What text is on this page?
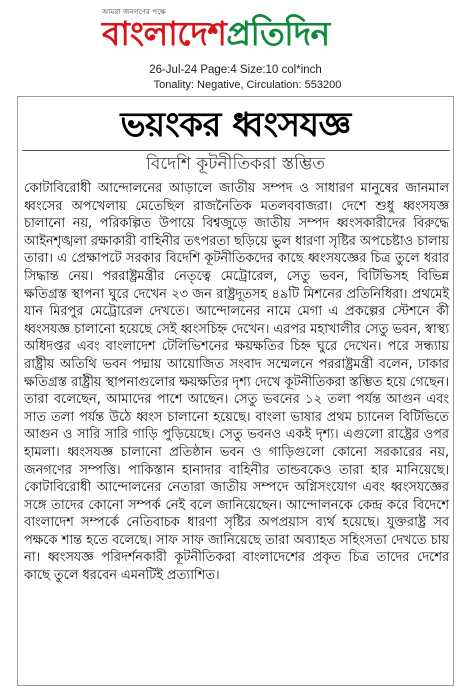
আমরা জনগণের পক্ষে
বাংলাদেশপ্রতিদিন
26-Jul-24 Page:4 Size:10 col*inch
Tonality: Negative, Circulation: 553200
ভয়ংকর ধ্বংসযজ্ঞ
বিদেশি কূটনীতিকরা স্তম্ভিত

কোটাবিরোধী আন্দোলনের আড়ালে জাতীয় সম্পদ ও সাধারণ মানুষের জানমাল ধ্বংসের অপখেলায় মেতেছিল রাজনৈতিক মতলববাজরা। দেশে শুধু ধ্বংসযজ্ঞ চালানো নয়, পরিকল্পিত উপায়ে বিশ্বজুড়ে জাতীয় সম্পদ ধ্বংসকারীদের বিরুদ্ধে আইনশৃঙ্খলা রক্ষাকারী বাহিনীর তৎপরতা ছড়িয়ে ভুল ধারণা সৃষ্টির অপচেষ্টাও চালায় তারা। এ প্রেক্ষাপটে সরকার বিদেশি কূটনীতিকদের কাছে ধ্বংসযজ্ঞের চিত্র তুলে ধরার সিদ্ধান্ত নেয়। পররাষ্ট্রমন্ত্রীর নেতৃত্বে মেট্রোরেল, সেতু ভবন, বিটিভিসহ বিভিন্ন ক্ষতিগ্রস্ত স্থাপনা ঘুরে দেখেন ২৩ জন রাষ্ট্রদূতসহ ৪৯টি মিশনের প্রতিনিধিরা। প্রথমেই যান মিরপুর মেট্রোরেল দেখতে। আন্দোলনের নামে মেগা এ প্রকল্পের স্টেশনে কী ধ্বংসযজ্ঞ চালানো হয়েছে সেই ধ্বংসচিহ্ন দেখেন। এরপর মহাখালীর সেতু ভবন, স্বাস্থ্য অধিদপ্তর এবং বাংলাদেশ টেলিভিশনের ক্ষয়ক্ষতির চিহ্ন ঘুরে দেখেন। পরে সন্ধ্যায় রাষ্ট্রীয় অতিথি ভবন পদ্মায় আয়োজিত সংবাদ সম্মেলনে পররাষ্ট্রমন্ত্রী বলেন, ঢাকার ক্ষতিগ্রস্ত রাষ্ট্রীয় স্থাপনাগুলোর ক্ষয়ক্ষতির দৃশ্য দেখে কূটনীতিকরা স্তম্ভিত হয়ে গেছেন। তারা বলেছেন, আমাদের পাশে আছেন। সেতু ভবনের ১২ তলা পর্যন্ত আগুন এবং সাত তলা পর্যন্ত উঠে ধ্বংস চালানো হয়েছে। বাংলা ভাষার প্রথম চ্যানেল বিটিভিতে আগুন ও সারি সারি গাড়ি পুড়িয়েছে। সেতু ভবনও একই দৃশ্য। এগুলো রাষ্ট্রের ওপর হামলা। ধ্বংসযজ্ঞ চালানো প্রতিষ্ঠান ভবন ও গাড়িগুলো কোনো সরকারের নয়, জনগণের সম্পত্তি। পাকিস্তান হানাদার বাহিনীর তান্ডবকেও তারা হার মানিয়েছে। কোটাবিরোধী আন্দোলনের নেতারা জাতীয় সম্পদে অগ্নিসংযোগ এবং ধ্বংসযজ্ঞের সঙ্গে তাদের কোনো সম্পর্ক নেই বলে জানিয়েছেন। আন্দোলনকে কেন্দ্র করে বিদেশে বাংলাদেশ সম্পর্কে নেতিবাচক ধারণা সৃষ্টির অপপ্রয়াস ব্যর্থ হয়েছে। যুক্তরাষ্ট্র সব পক্ষকে শান্ত হতে বলেছে। সাফ সাফ জানিয়েছে তারা অব্যাহত সহিংসতা দেখতে চায় না। ধ্বংসযজ্ঞ পরিদর্শনকারী কূটনীতিকরা বাংলাদেশের প্রকৃত চিত্র তাদের দেশের কাছে তুলে ধরবেন এমনটিই প্রত্যাশিত।
